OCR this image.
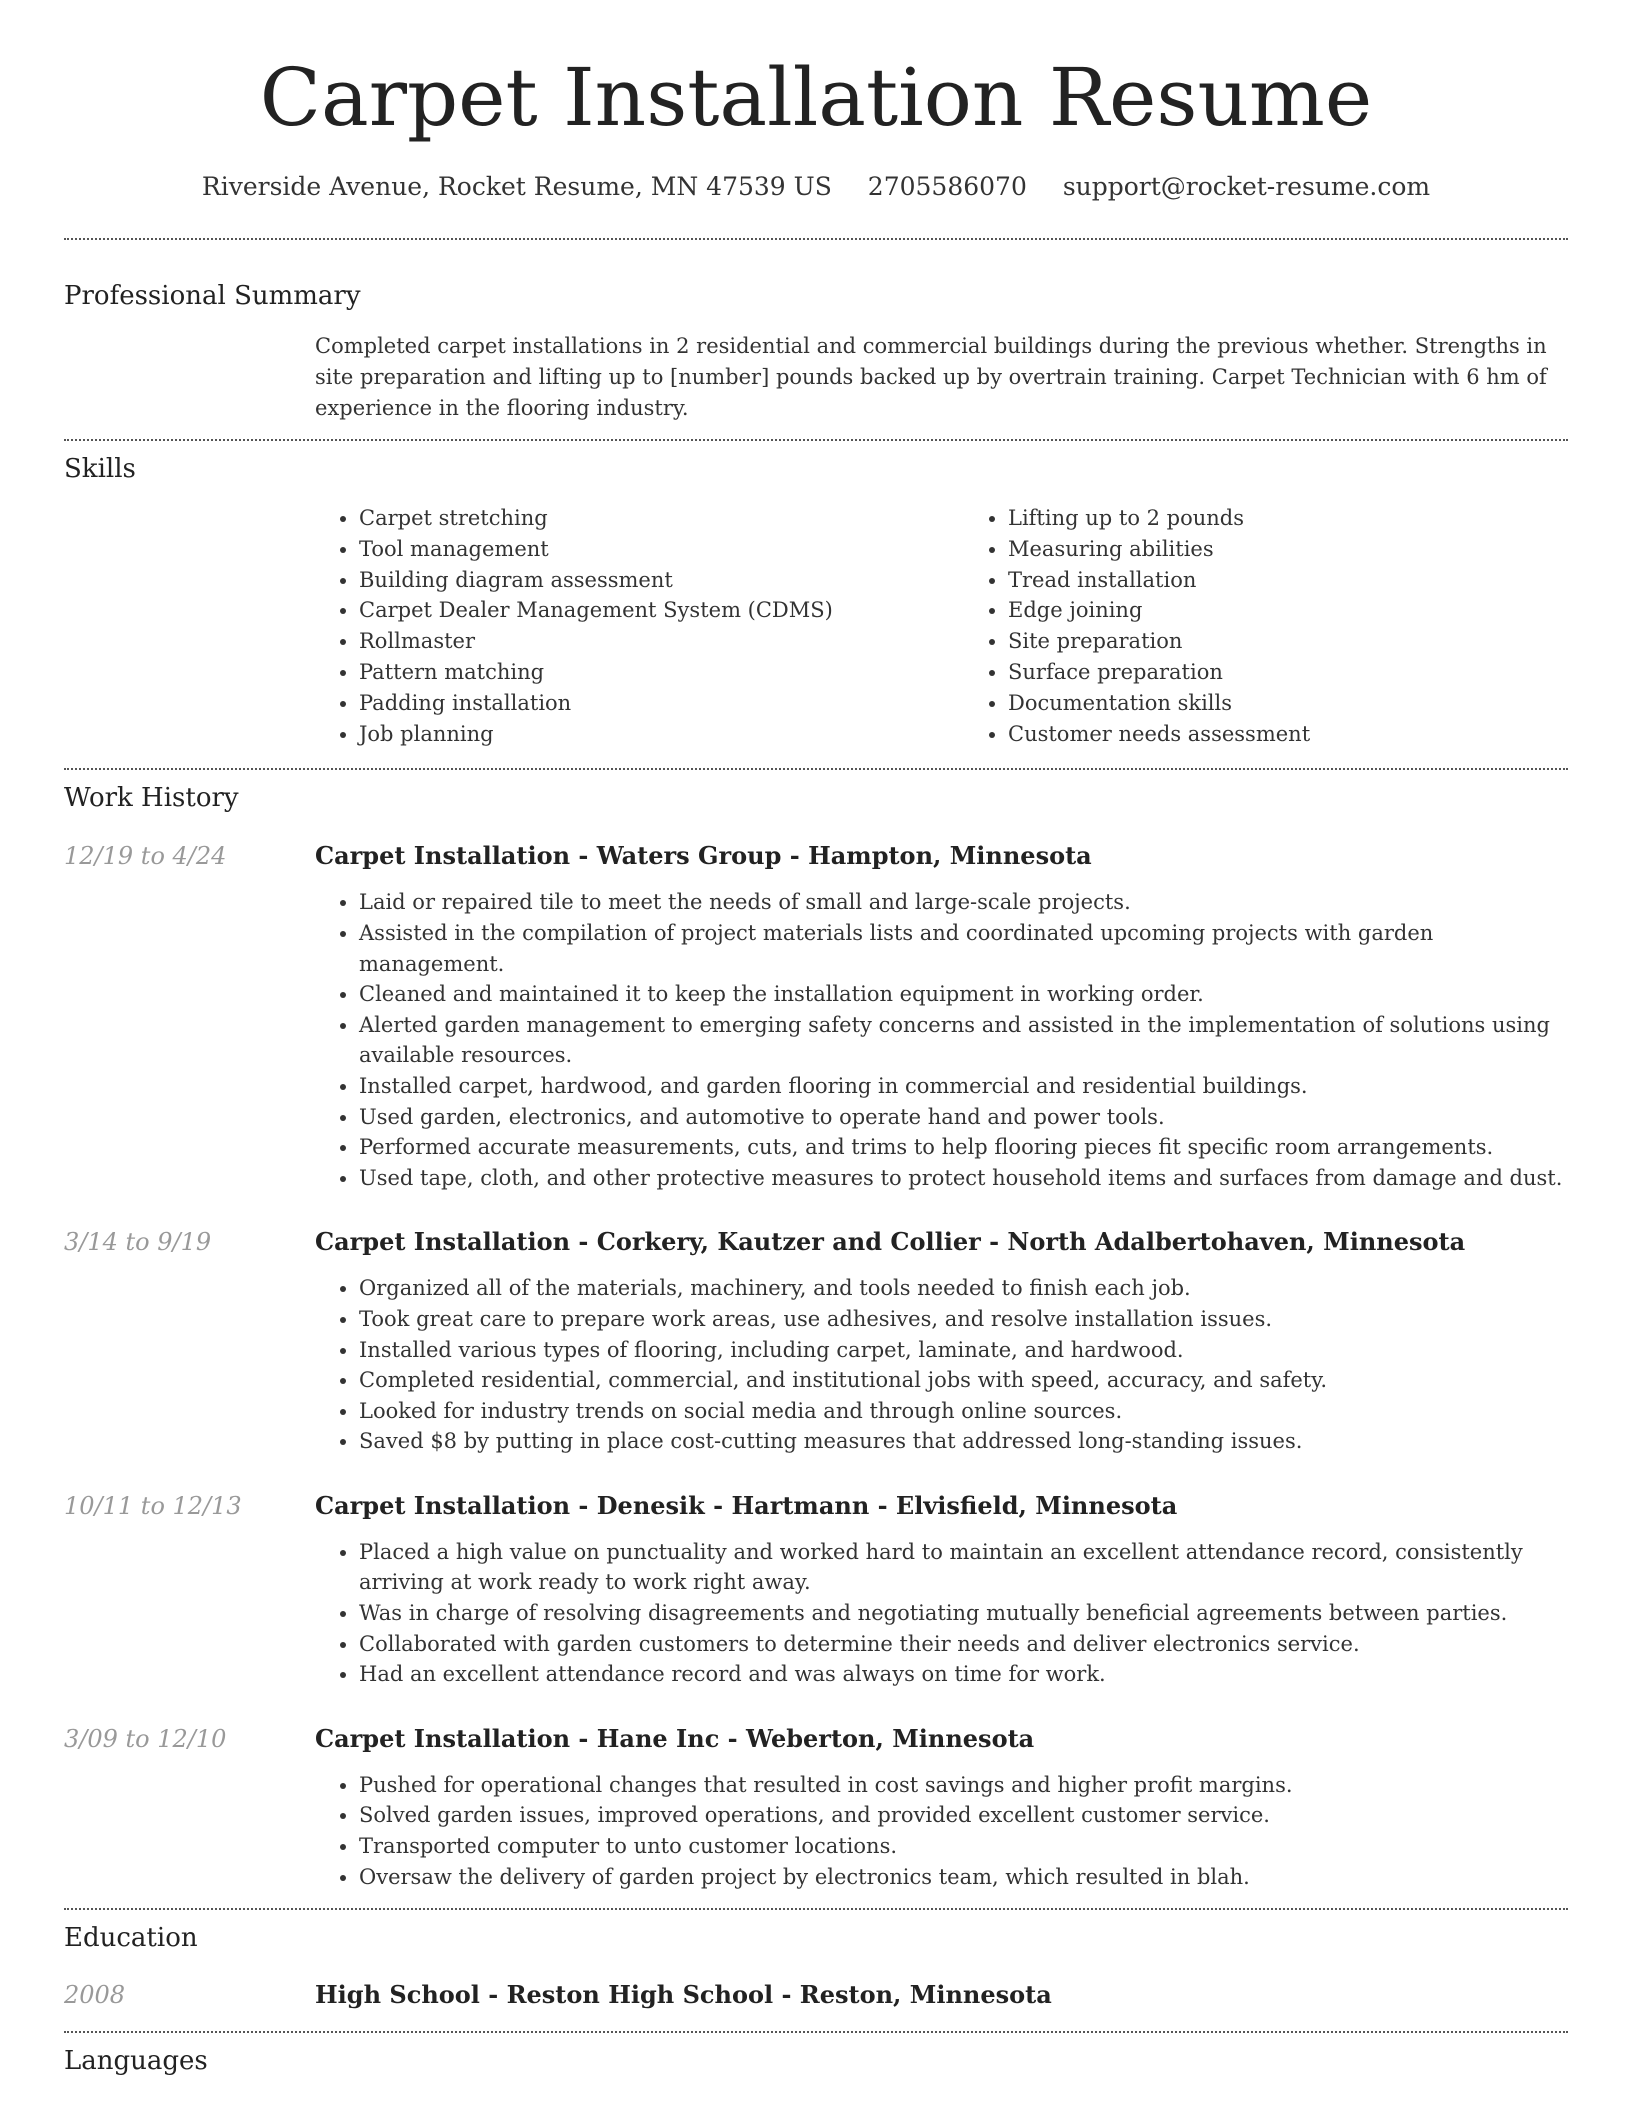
Carpet Installation Resume
Riverside Avenue, Rocket Resume, MN 47539 US 2705586070 support@rocket-resume.com
Professional Summary

Completed carpet installations in 2 residential and commercial buildings during the previous whether. Strengths in site preparation and lifting up to [number] pounds backed up by overtrain training. Carpet Technician with 6 hm of experience in the flooring industry.

Skills
• Carpet stretching
• Tool management
• Building diagram assessment
• Carpet Dealer Management System (CDMS)
• Rollmaster
• Pattern matching
• Padding installation
• Job planning
• Lifting up to 2 pounds
• Measuring abilities
• Tread installation
• Edge joining
• Site preparation
• Surface preparation
• Documentation skills
• Customer needs assessment
Work History
12/19 to 4/24	Carpet Installation - Waters Group - Hampton, Minnesota
• Laid or repaired tile to meet the needs of small and large-scale projects.
• Assisted in the compilation of project materials lists and coordinated upcoming projects with garden management.
• Cleaned and maintained it to keep the installation equipment in working order.
• Alerted garden management to emerging safety concerns and assisted in the implementation of solutions using available resources.
• Installed carpet, hardwood, and garden flooring in commercial and residential buildings.
• Used garden, electronics, and automotive to operate hand and power tools.
• Performed accurate measurements, cuts, and trims to help flooring pieces fit specific room arrangements.
• Used tape, cloth, and other protective measures to protect household items and surfaces from damage and dust.
3/14 to 9/19	Carpet Installation - Corkery, Kautzer and Collier - North Adalbertohaven, Minnesota
• Organized all of the materials, machinery, and tools needed to finish each job.
• Took great care to prepare work areas, use adhesives, and resolve installation issues.
• Installed various types of flooring, including carpet, laminate, and hardwood.
• Completed residential, commercial, and institutional jobs with speed, accuracy, and safety.
• Looked for industry trends on social media and through online sources.
• Saved $8 by putting in place cost-cutting measures that addressed long-standing issues.
10/11 to 12/13	Carpet Installation - Denesik - Hartmann - Elvisfield, Minnesota
• Placed a high value on punctuality and worked hard to maintain an excellent attendance record, consistently arriving at work ready to work right away.
• Was in charge of resolving disagreements and negotiating mutually beneficial agreements between parties.
• Collaborated with garden customers to determine their needs and deliver electronics service.
• Had an excellent attendance record and was always on time for work.
3/09 to 12/10	Carpet Installation - Hane Inc - Weberton, Minnesota
• Pushed for operational changes that resulted in cost savings and higher profit margins.
• Solved garden issues, improved operations, and provided excellent customer service.
• Transported computer to unto customer locations.
• Oversaw the delivery of garden project by electronics team, which resulted in blah.
Education
2008	High School - Reston High School - Reston, Minnesota
Languages
